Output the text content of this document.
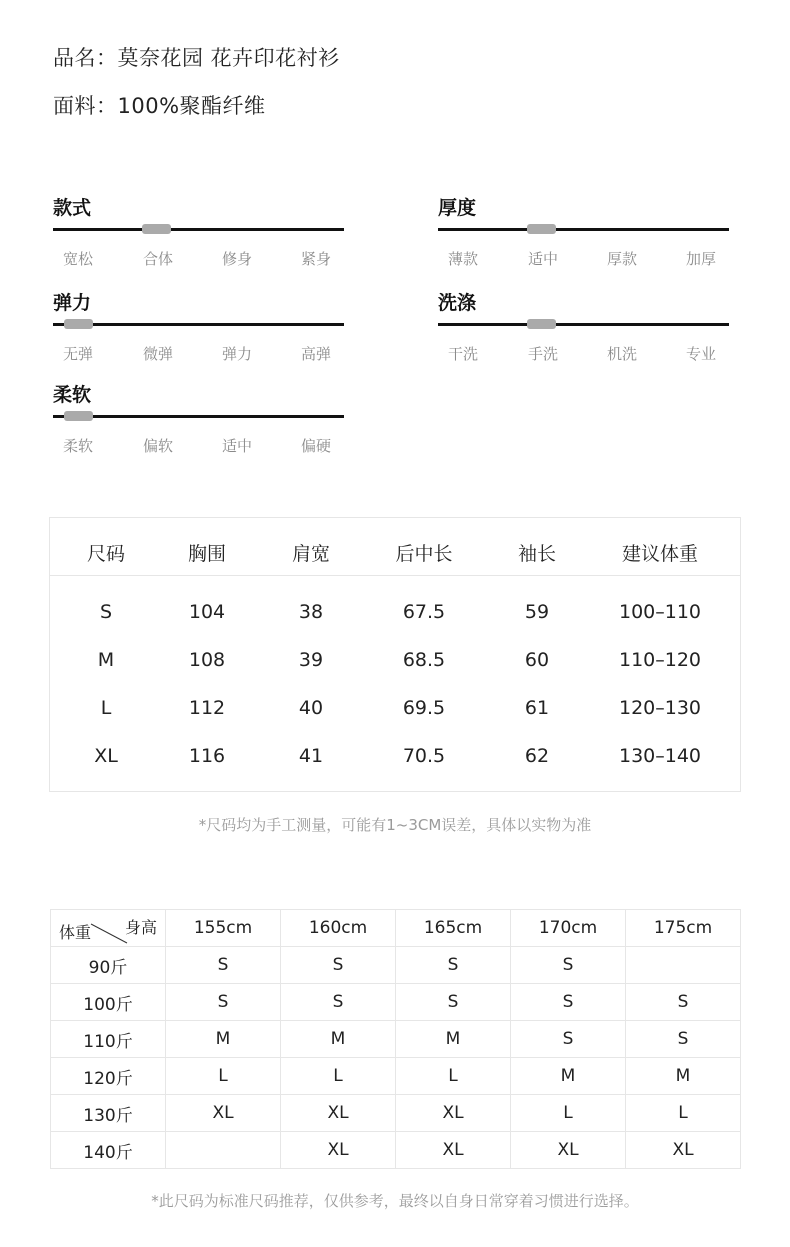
品名：莫奈花园 花卉印花衬衫
面料：100%聚酯纤维
款式
宽松	合体	修身	紧身
厚度
薄款	适中	厚款	加厚
弹力
无弹	微弹	弹力	高弹
洗涤
干洗	手洗	机洗	专业
柔软
柔软	偏软	适中	偏硬
尺码	胸围	肩宽	后中长	袖长	建议体重
S	104	38	67.5	59	100–110
M	108	39	68.5	60	110–120
L	112	40	69.5	61	120–130
XL	116	41	70.5	62	130–140
*尺码均为手工测量，可能有1~3CM误差，具体以实物为准
身高
体重	155cm	160cm	165cm	170cm	175cm
90斤	S	S	S	S	
100斤	S	S	S	S	S
110斤	M	M	M	S	S
120斤	L	L	L	M	M
130斤	XL	XL	XL	L	L
140斤		XL	XL	XL	XL
*此尺码为标准尺码推荐，仅供参考，最终以自身日常穿着习惯进行选择。
